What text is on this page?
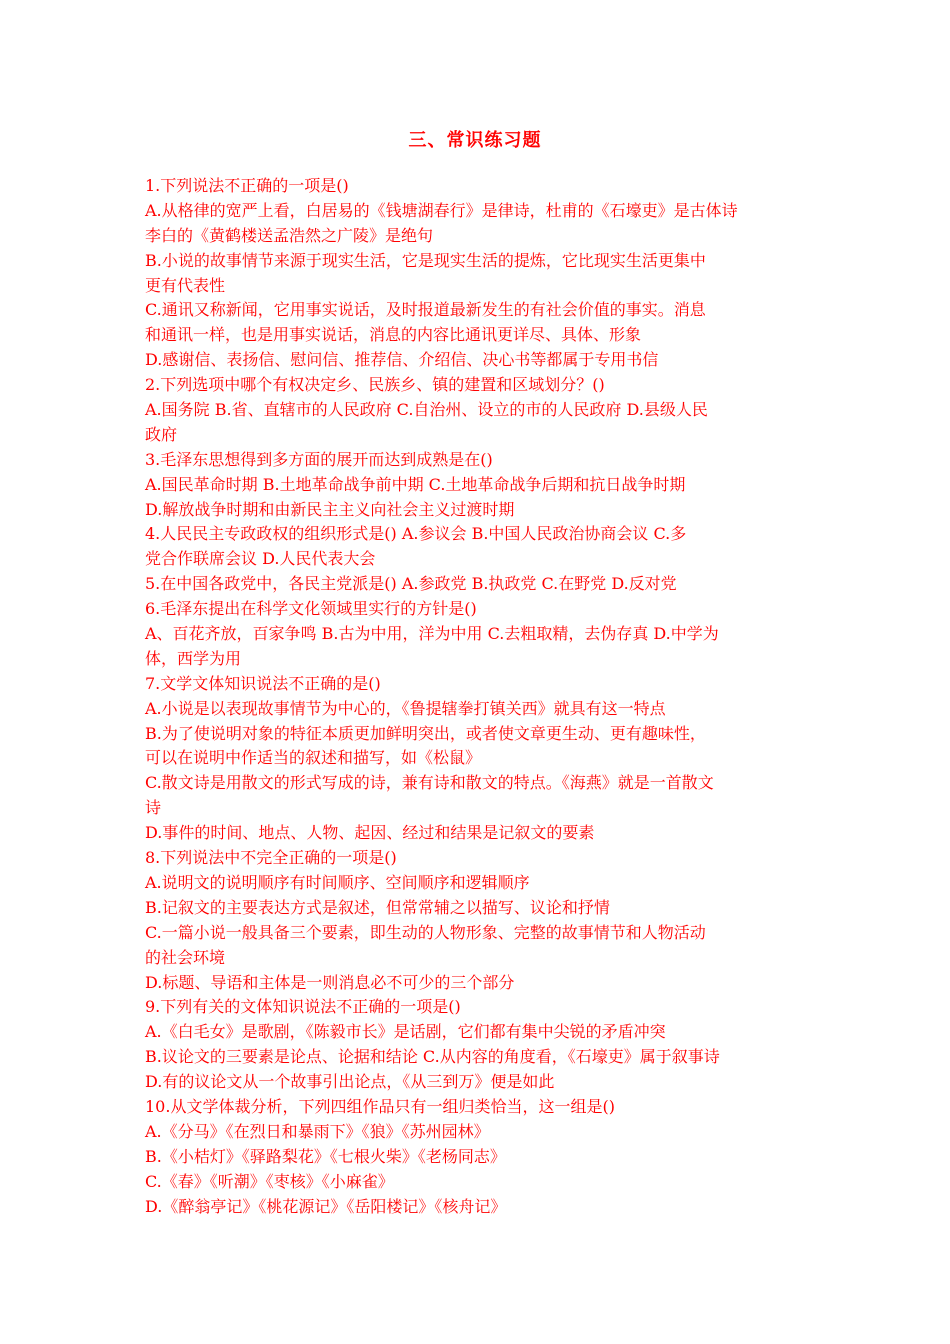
三、常识练习题
1.下列说法不正确的一项是()
A.从格律的宽严上看，白居易的《钱塘湖春行》是律诗，杜甫的《石壕吏》是古体诗
李白的《黄鹤楼送孟浩然之广陵》是绝句
B.小说的故事情节来源于现实生活，它是现实生活的提炼，它比现实生活更集中
更有代表性
C.通讯又称新闻，它用事实说话，及时报道最新发生的有社会价值的事实。消息
和通讯一样，也是用事实说话，消息的内容比通讯更详尽、具体、形象
D.感谢信、表扬信、慰问信、推荐信、介绍信、决心书等都属于专用书信
2.下列选项中哪个有权决定乡、民族乡、镇的建置和区域划分？()
A.国务院 B.省、直辖市的人民政府 C.自治州、设立的市的人民政府 D.县级人民
政府
3.毛泽东思想得到多方面的展开而达到成熟是在()
A.国民革命时期 B.土地革命战争前中期 C.土地革命战争后期和抗日战争时期
D.解放战争时期和由新民主主义向社会主义过渡时期
4.人民民主专政政权的组织形式是() A.参议会 B.中国人民政治协商会议 C.多
党合作联席会议 D.人民代表大会
5.在中国各政党中，各民主党派是() A.参政党 B.执政党 C.在野党 D.反对党
6.毛泽东提出在科学文化领域里实行的方针是()
A、百花齐放，百家争鸣 B.古为中用，洋为中用 C.去粗取精，去伪存真 D.中学为
体，西学为用
7.文学文体知识说法不正确的是()
A.小说是以表现故事情节为中心的，《鲁提辖拳打镇关西》就具有这一特点
B.为了使说明对象的特征本质更加鲜明突出，或者使文章更生动、更有趣味性，
可以在说明中作适当的叙述和描写，如《松鼠》
C.散文诗是用散文的形式写成的诗，兼有诗和散文的特点。《海燕》就是一首散文
诗
D.事件的时间、地点、人物、起因、经过和结果是记叙文的要素
8.下列说法中不完全正确的一项是()
A.说明文的说明顺序有时间顺序、空间顺序和逻辑顺序
B.记叙文的主要表达方式是叙述，但常常辅之以描写、议论和抒情
C.一篇小说一般具备三个要素，即生动的人物形象、完整的故事情节和人物活动
的社会环境
D.标题、导语和主体是一则消息必不可少的三个部分
9.下列有关的文体知识说法不正确的一项是()
A.《白毛女》是歌剧，《陈毅市长》是话剧，它们都有集中尖锐的矛盾冲突
B.议论文的三要素是论点、论据和结论 C.从内容的角度看，《石壕吏》属于叙事诗
D.有的议论文从一个故事引出论点，《从三到万》便是如此
10.从文学体裁分析，下列四组作品只有一组归类恰当，这一组是()
A.《分马》《在烈日和暴雨下》《狼》《苏州园林》
B.《小桔灯》《驿路梨花》《七根火柴》《老杨同志》
C.《春》《听潮》《枣核》《小麻雀》
D.《醉翁亭记》《桃花源记》《岳阳楼记》《核舟记》
